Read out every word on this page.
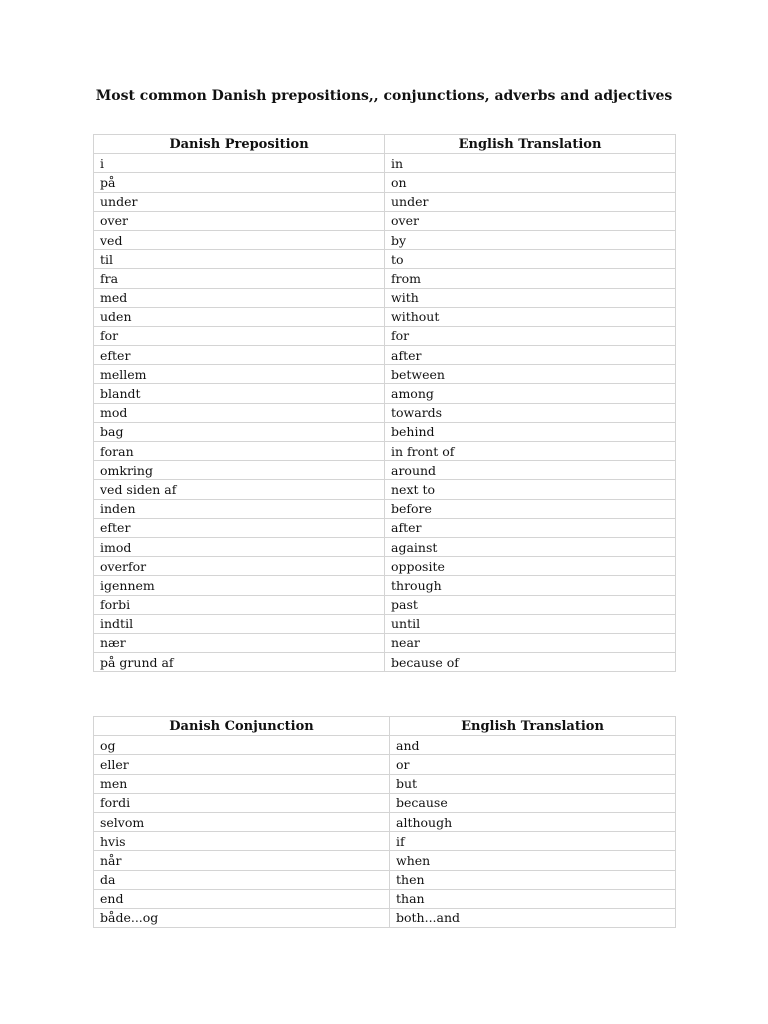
Most common Danish prepositions,, conjunctions, adverbs and adjectives
Danish Preposition	English Translation
i	in
på	on
under	under
over	over
ved	by
til	to
fra	from
med	with
uden	without
for	for
efter	after
mellem	between
blandt	among
mod	towards
bag	behind
foran	in front of
omkring	around
ved siden af	next to
inden	before
efter	after
imod	against
overfor	opposite
igennem	through
forbi	past
indtil	until
nær	near
på grund af	because of
Danish Conjunction	English Translation
og	and
eller	or
men	but
fordi	because
selvom	although
hvis	if
når	when
da	then
end	than
både...og	both...and
